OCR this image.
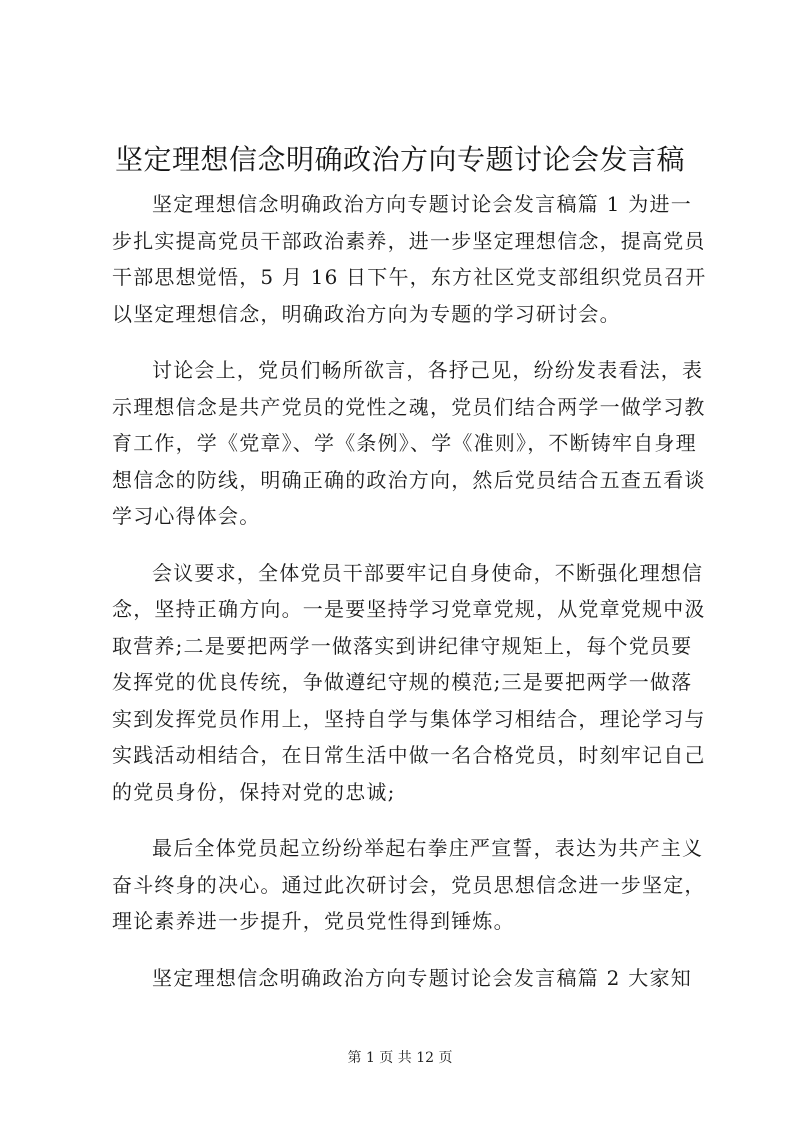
坚定理想信念明确政治方向专题讨论会发言稿
坚定理想信念明确政治方向专题讨论会发言稿篇 1 为进一
步扎实提高党员干部政治素养，进一步坚定理想信念，提高党员
干部思想觉悟，5 月 16 日下午，东方社区党支部组织党员召开
以坚定理想信念，明确政治方向为专题的学习研讨会。
讨论会上，党员们畅所欲言，各抒己见，纷纷发表看法，表
示理想信念是共产党员的党性之魂，党员们结合两学一做学习教
育工作，学《党章》、学《条例》、学《准则》，不断铸牢自身理
想信念的防线，明确正确的政治方向，然后党员结合五查五看谈
学习心得体会。
会议要求，全体党员干部要牢记自身使命，不断强化理想信
念，坚持正确方向。一是要坚持学习党章党规，从党章党规中汲
取营养;二是要把两学一做落实到讲纪律守规矩上，每个党员要
发挥党的优良传统，争做遵纪守规的模范;三是要把两学一做落
实到发挥党员作用上，坚持自学与集体学习相结合，理论学习与
实践活动相结合，在日常生活中做一名合格党员，时刻牢记自己
的党员身份，保持对党的忠诚;
最后全体党员起立纷纷举起右拳庄严宣誓，表达为共产主义
奋斗终身的决心。通过此次研讨会，党员思想信念进一步坚定，
理论素养进一步提升，党员党性得到锤炼。
坚定理想信念明确政治方向专题讨论会发言稿篇 2 大家知
第 1 页 共 12 页
